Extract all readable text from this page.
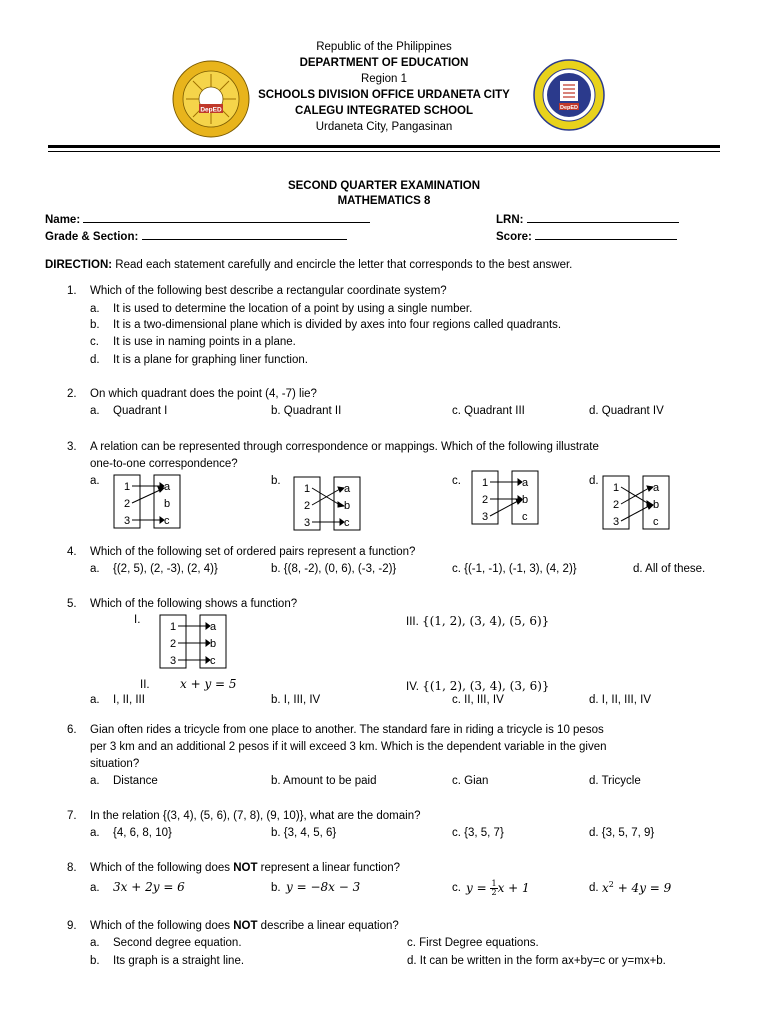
DepED	DepED
Republic of the Philippines
DEPARTMENT OF EDUCATION
Region 1
SCHOOLS DIVISION OFFICE URDANETA CITY
CALEGU INTEGRATED SCHOOL
Urdaneta City, Pangasinan
SECOND QUARTER EXAMINATION
MATHEMATICS 8
Name:
Grade & Section:
LRN:
Score:
DIRECTION: Read each statement carefully and encircle the letter that corresponds to the best answer.
1. Which of the following best describe a rectangular coordinate system?
a. It is used to determine the location of a point by using a single number.
b. It is a two-dimensional plane which is divided by axes into four regions called quadrants.
c. It is use in naming points in a plane.
d. It is a plane for graphing liner function.
2. On which quadrant does the point (4, -7) lie?
a. Quadrant I	b. Quadrant II	c. Quadrant III	d. Quadrant IV
3. A relation can be represented through correspondence or mappings. Which of the following illustrate
one-to-one correspondence?
a.	b.	c.	d.
1
2
3
a
b
c
1
2
3
a
b
c
1
2
3
a
b
c
1
2
3
a
b
c
4. Which of the following set of ordered pairs represent a function?
a. {(2, 5), (2, -3), (2, 4)}	b. {(8, -2), (0, 6), (-3, -2)}	c. {(-1, -1), (-1, 3), (4, 2)}	d. All of these.
5. Which of the following shows a function?
I.
1
2
3
a
b
c
III. {(1, 2), (3, 4), (5, 6)}
II.	x + y = 5	IV. {(1, 2), (3, 4), (3, 6)}
a. I, II, III	b. I, III, IV	c. II, III, IV	d. I, II, III, IV
6. Gian often rides a tricycle from one place to another. The standard fare in riding a tricycle is 10 pesos
per 3 km and an additional 2 pesos if it will exceed 3 km. Which is the dependent variable in the given
situation?
a. Distance	b. Amount to be paid	c. Gian	d. Tricycle
7. In the relation {(3, 4), (5, 6), (7, 8), (9, 10)}, what are the domain?
a. {4, 6, 8, 10}	b. {3, 4, 5, 6}	c. {3, 5, 7}	d. {3, 5, 7, 9}
8. Which of the following does NOT represent a linear function?
a. 3x + 2y = 6	b. y = −8x − 3	c. $y = \frac{1}{2}$ x + 1	d. $x^2 + 4y = 9$
9. Which of the following does NOT describe a linear equation?
a. Second degree equation.
b. Its graph is a straight line.
c. First Degree equations.
d. It can be written in the form ax+by=c or y=mx+b.
